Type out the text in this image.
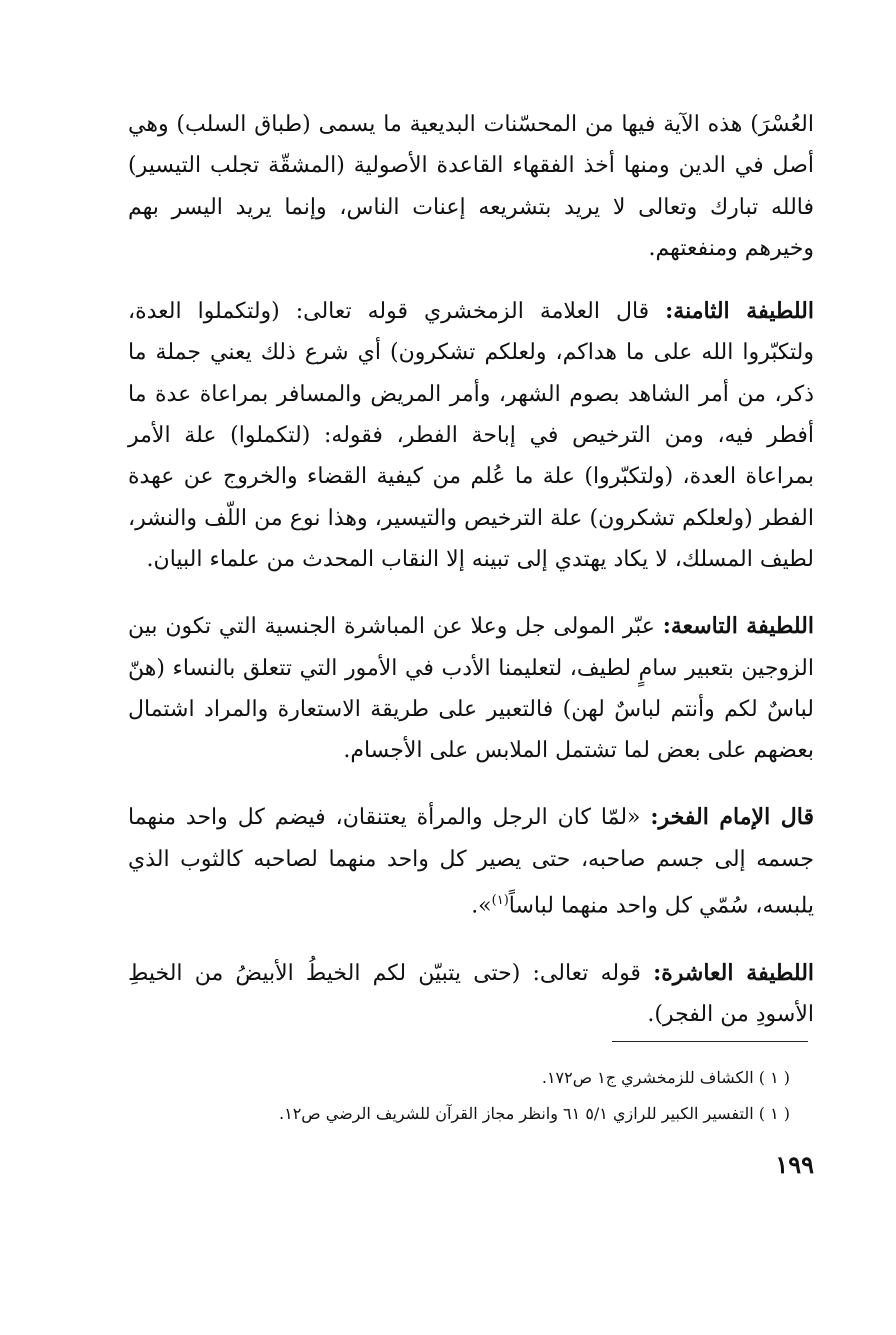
العُسْرَ) هذه الآية فيها من المحسّنات البديعية ما يسمى (طباق السلب) وهي أصل في الدين ومنها أخذ الفقهاء القاعدة الأصولية (المشقّة تجلب التيسير) فالله تبارك وتعالى لا يريد بتشريعه إعنات الناس، وإنما يريد اليسر بهم وخيرهم ومنفعتهم.

اللطيفة الثامنة: قال العلامة الزمخشري قوله تعالى: (ولتكملوا العدة، ولتكبّروا الله على ما هداكم، ولعلكم تشكرون) أي شرع ذلك يعني جملة ما ذكر، من أمر الشاهد بصوم الشهر، وأمر المريض والمسافر بمراعاة عدة ما أفطر فيه، ومن الترخيص في إباحة الفطر، فقوله: (لتكملوا) علة الأمر بمراعاة العدة، (ولتكبّروا) علة ما عُلم من كيفية القضاء والخروج عن عهدة الفطر (ولعلكم تشكرون) علة الترخيص والتيسير، وهذا نوع من اللّف والنشر، لطيف المسلك، لا يكاد يهتدي إلى تبينه إلا النقاب المحدث من علماء البيان.

اللطيفة التاسعة: عبّر المولى جل وعلا عن المباشرة الجنسية التي تكون بين الزوجين بتعبير سامٍ لطيف، لتعليمنا الأدب في الأمور التي تتعلق بالنساء (هنّ لباسٌ لكم وأنتم لباسٌ لهن) فالتعبير على طريقة الاستعارة والمراد اشتمال بعضهم على بعض لما تشتمل الملابس على الأجسام.

قال الإمام الفخر: «لمّا كان الرجل والمرأة يعتنقان، فيضم كل واحد منهما جسمه إلى جسم صاحبه، حتى يصير كل واحد منهما لصاحبه كالثوب الذي يلبسه، سُمّي كل واحد منهما لباساً$^{(١)}$».

اللطيفة العاشرة: قوله تعالى: (حتى يتبيّن لكم الخيطُ الأبيضُ من الخيطِ الأسودِ من الفجر).

( ١ ) الكشاف للزمخشري ج١ ص١٧٢.
( ١ ) التفسير الكبير للرازي ٥/١ ٦١ وانظر مجاز القرآن للشريف الرضي ص١٢.
١٩٩
